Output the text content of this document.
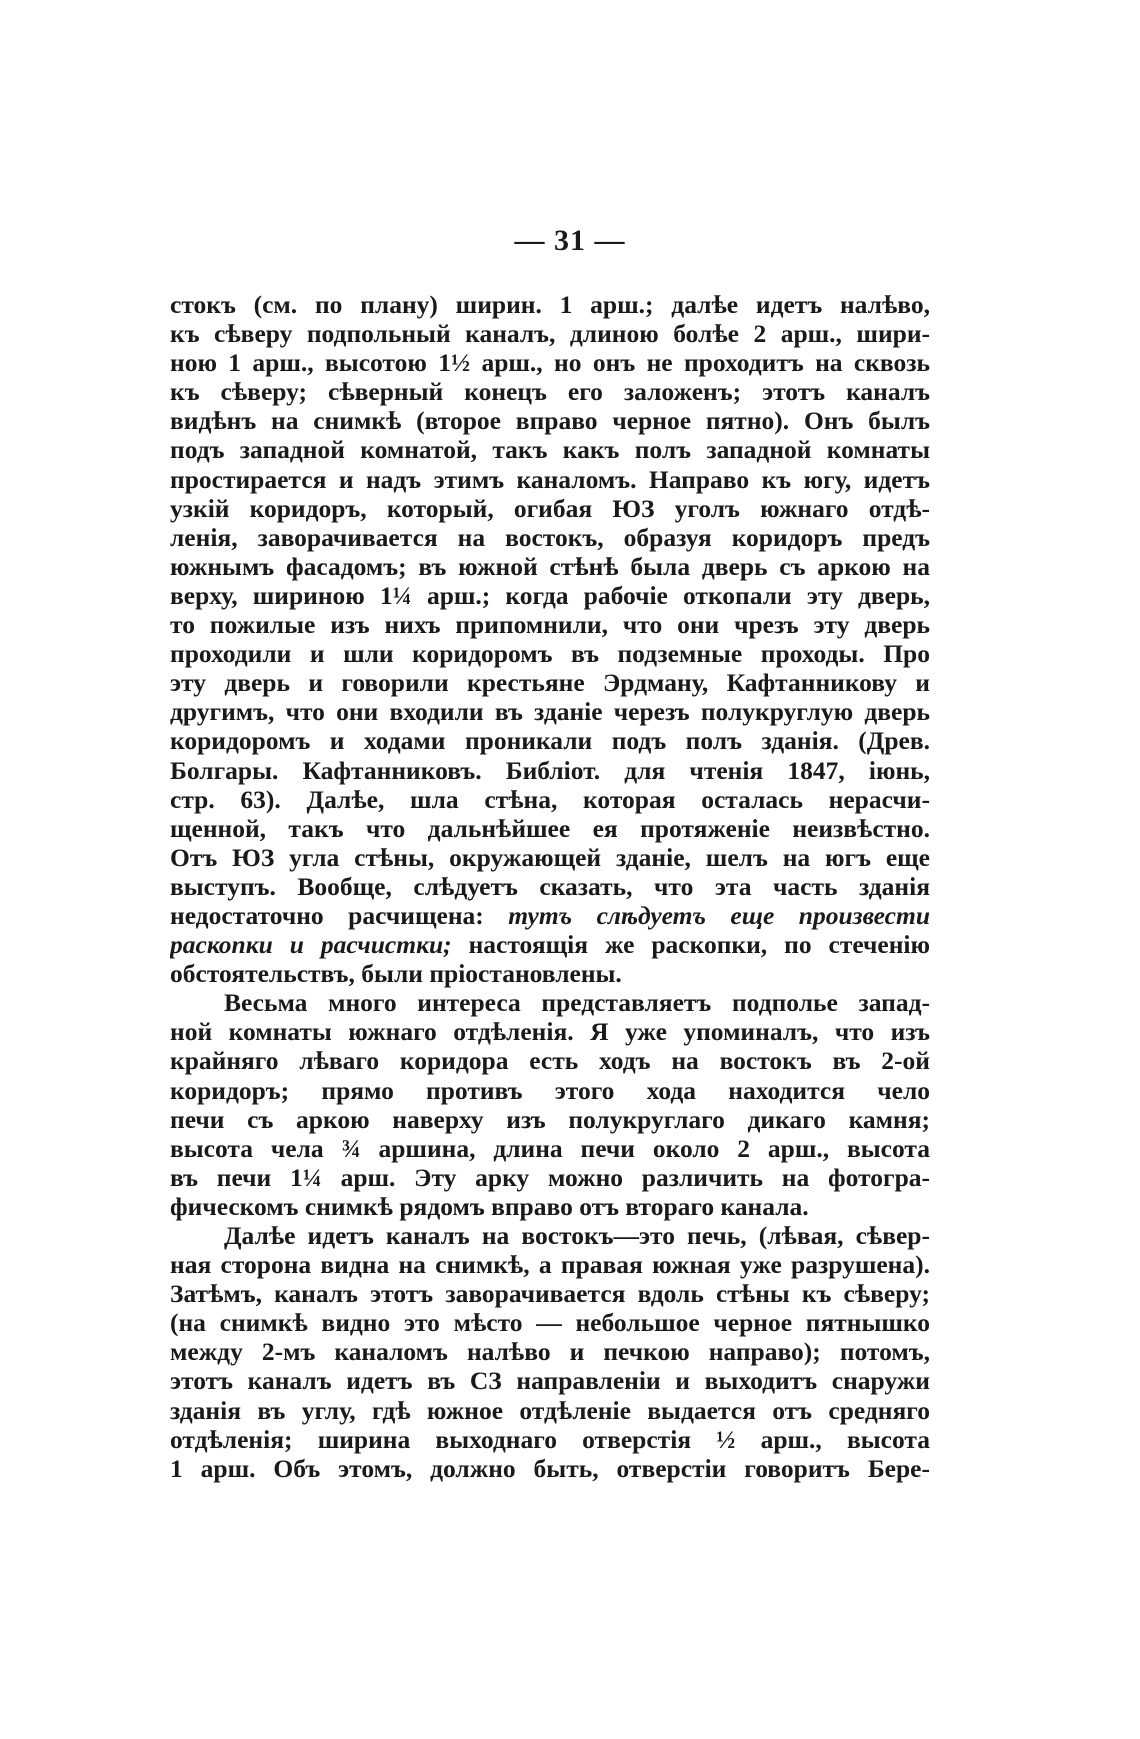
— 31 —
стокъ (см. по плану) ширин. 1 арш.; далѣе идетъ налѣво,
къ сѣверу подпольный каналъ, длиною болѣе 2 арш., шири-
ною 1 арш., высотою 1½ арш., но онъ не проходитъ на сквозь
къ сѣверу; сѣверный конецъ его заложенъ; этотъ каналъ
видѣнъ на снимкѣ (второе вправо черное пятно). Онъ былъ
подъ западной комнатой, такъ какъ полъ западной комнаты
простирается и надъ этимъ каналомъ. Направо къ югу, идетъ
узкій коридоръ, который, огибая ЮЗ уголъ южнаго отдѣ-
ленія, заворачивается на востокъ, образуя коридоръ предъ
южнымъ фасадомъ; въ южной стѣнѣ была дверь съ аркою на
верху, шириною 1¼ арш.; когда рабочіе откопали эту дверь,
то пожилые изъ нихъ припомнили, что они чрезъ эту дверь
проходили и шли коридоромъ въ подземные проходы. Про
эту дверь и говорили крестьяне Эрдману, Кафтанникову и
другимъ, что они входили въ зданіе черезъ полукруглую дверь
коридоромъ и ходами проникали подъ полъ зданія. (Древ.
Болгары. Кафтанниковъ. Библіот. для чтенія 1847, іюнь,
стр. 63). Далѣе, шла стѣна, которая осталась нерасчи-
щенной, такъ что дальнѣйшее ея протяженіе неизвѣстно.
Отъ ЮЗ угла стѣны, окружающей зданіе, шелъ на югъ еще
выступъ. Вообще, слѣдуетъ сказать, что эта часть зданія
недостаточно расчищена: тутъ слѣдуетъ еще произвести
раскопки и расчистки; настоящія же раскопки, по стеченію
обстоятельствъ, были пріостановлены.
Весьма много интереса представляетъ подполье запад-
ной комнаты южнаго отдѣленія. Я уже упоминалъ, что изъ
крайняго лѣваго коридора есть ходъ на востокъ въ 2-ой
коридоръ; прямо противъ этого хода находится чело
печи съ аркою наверху изъ полукруглаго дикаго камня;
высота чела ¾ аршина, длина печи около 2 арш., высота
въ печи 1¼ арш. Эту арку можно различить на фотогра-
фическомъ снимкѣ рядомъ вправо отъ втораго канала.
Далѣе идетъ каналъ на востокъ—это печь, (лѣвая, сѣвер-
ная сторона видна на снимкѣ, а правая южная уже разрушена).
Затѣмъ, каналъ этотъ заворачивается вдоль стѣны къ сѣверу;
(на снимкѣ видно это мѣсто — небольшое черное пятнышко
между 2-мъ каналомъ налѣво и печкою направо); потомъ,
этотъ каналъ идетъ въ СЗ направленіи и выходитъ снаружи
зданія въ углу, гдѣ южное отдѣленіе выдается отъ средняго
отдѣленія; ширина выходнаго отверстія ½ арш., высота
1 арш. Объ этомъ, должно быть, отверстіи говоритъ Бере-
